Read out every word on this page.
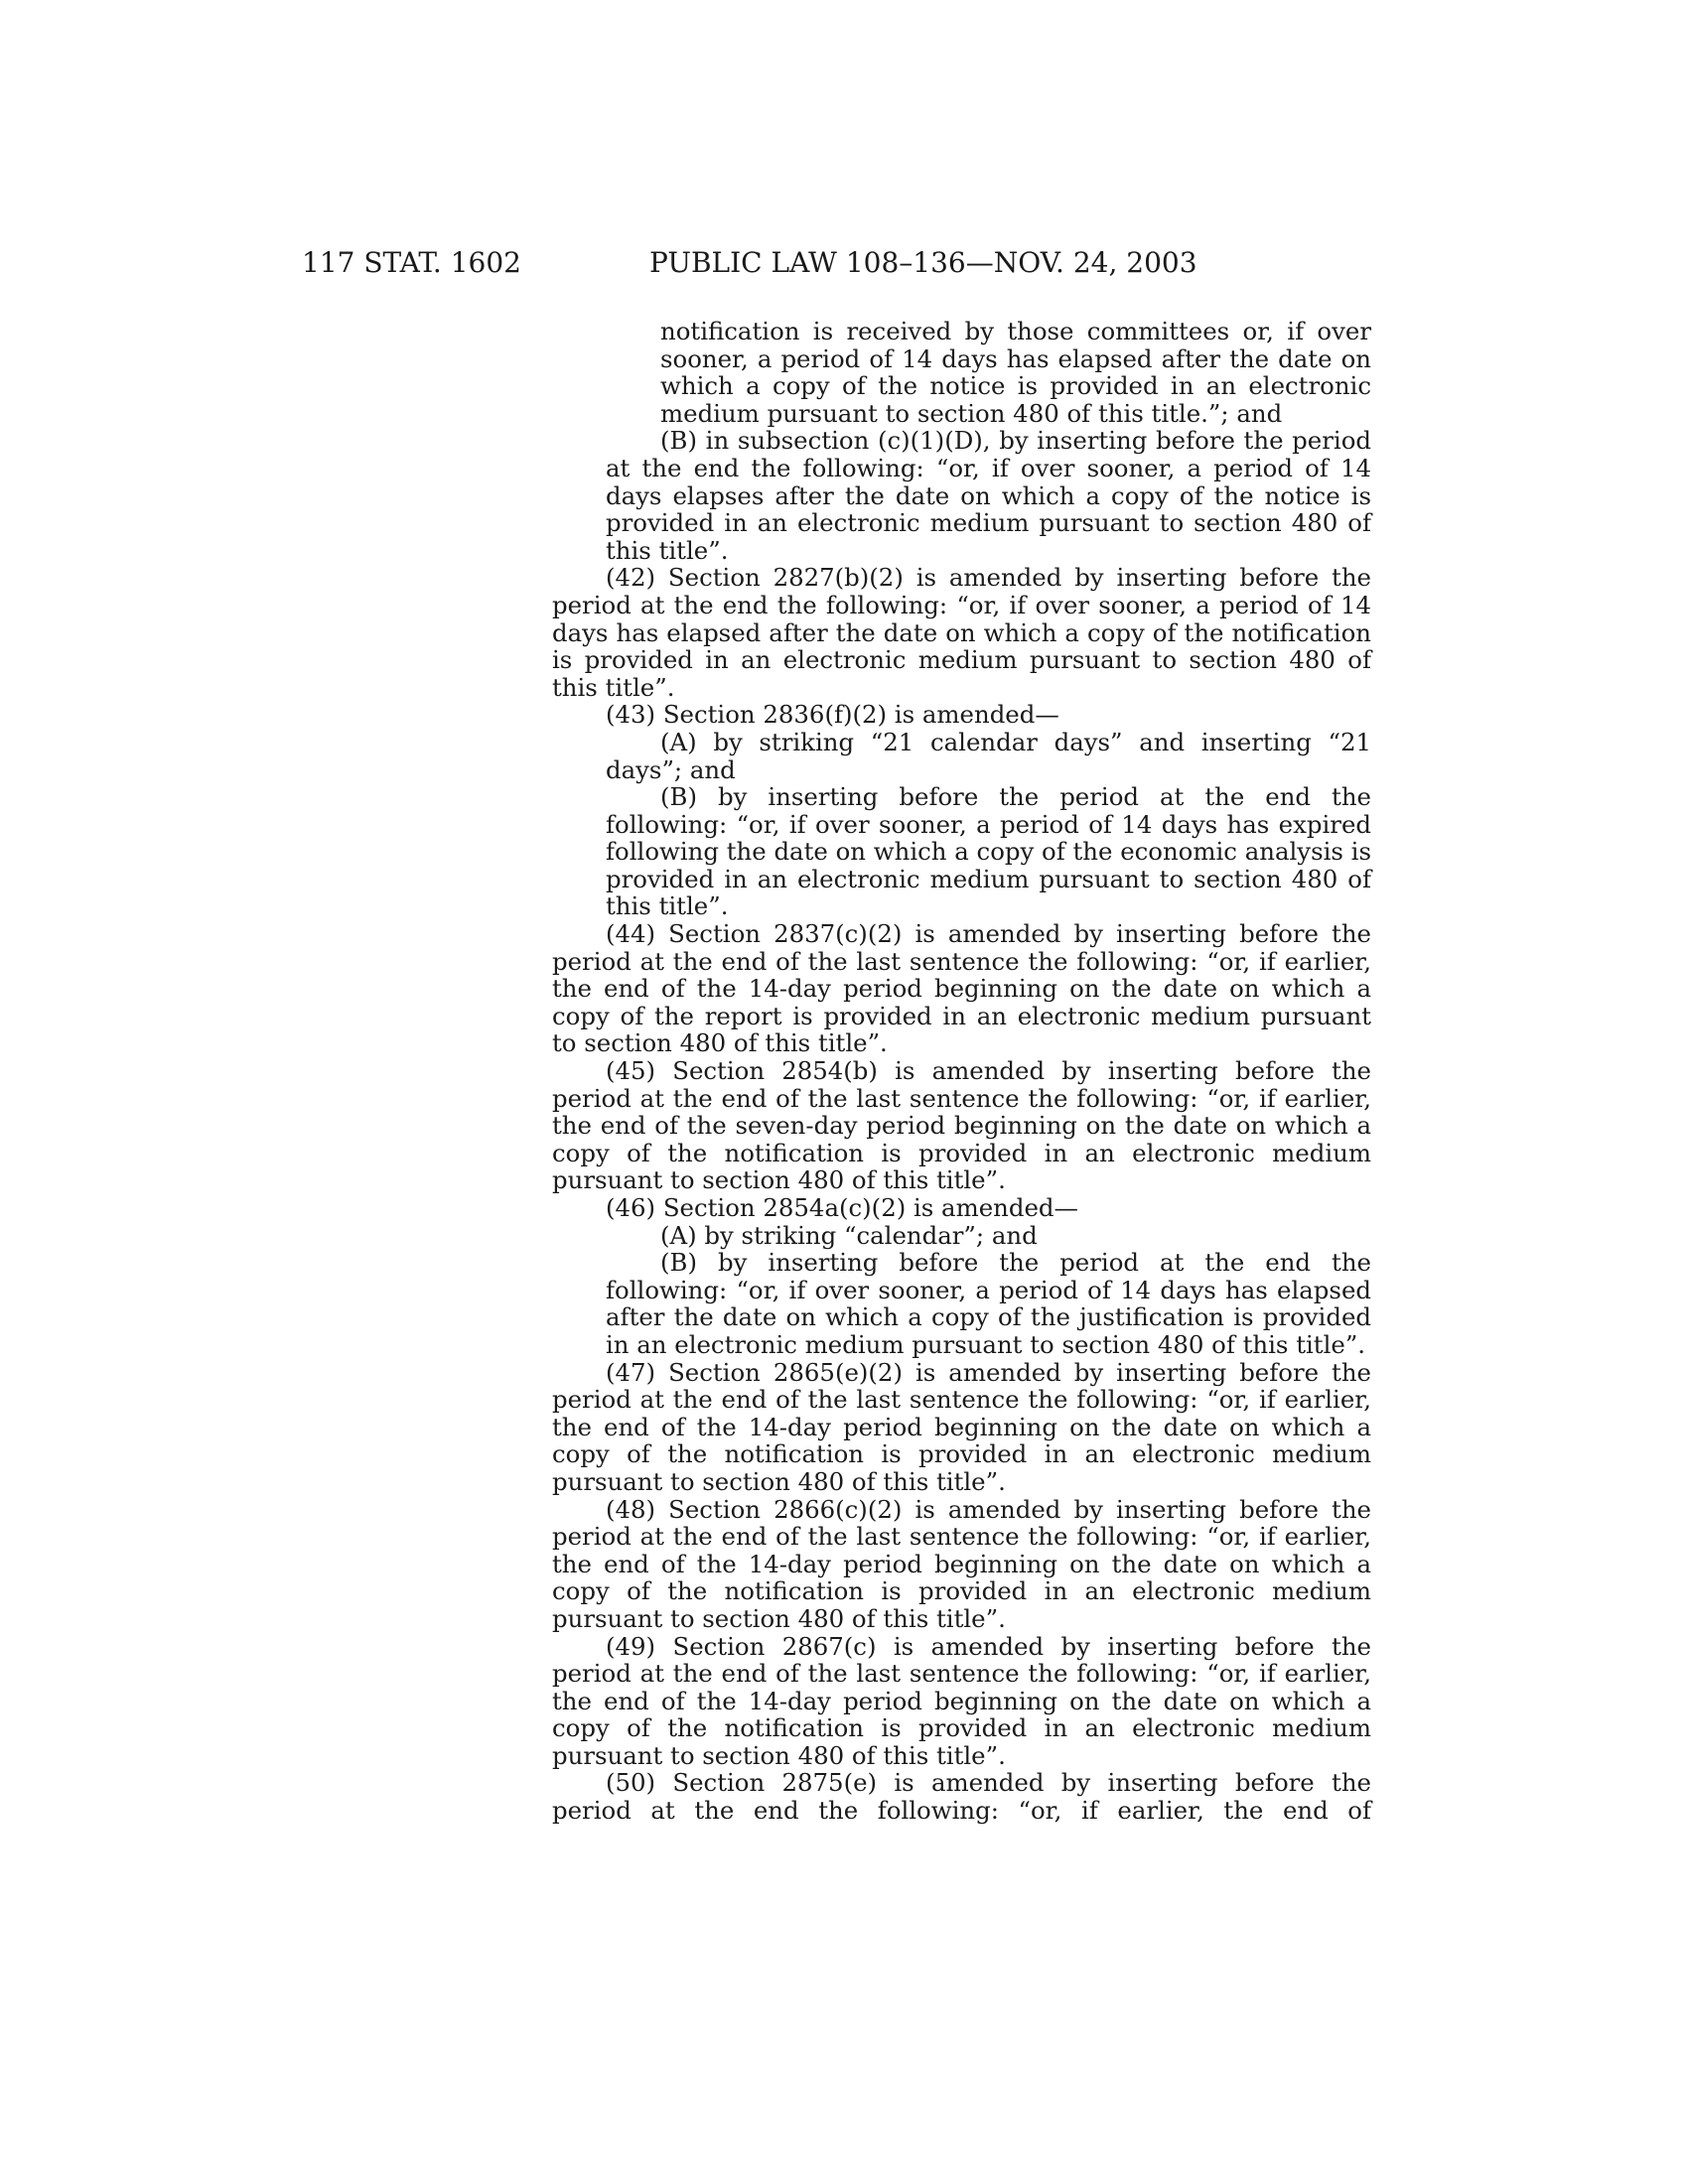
117 STAT. 1602	PUBLIC LAW 108–136—NOV. 24, 2003

notification is received by those committees or, if over sooner, a period of 14 days has elapsed after the date on which a copy of the notice is provided in an electronic medium pursuant to section 480 of this title.”; and

(B) in subsection (c)(1)(D), by inserting before the period at the end the following: “or, if over sooner, a period of 14 days elapses after the date on which a copy of the notice is provided in an electronic medium pursuant to section 480 of this title”.

(42) Section 2827(b)(2) is amended by inserting before the period at the end the following: “or, if over sooner, a period of 14 days has elapsed after the date on which a copy of the notification is provided in an electronic medium pursuant to section 480 of this title”.

(43) Section 2836(f)(2) is amended—

(A) by striking “21 calendar days” and inserting “21 days”; and

(B) by inserting before the period at the end the following: “or, if over sooner, a period of 14 days has expired following the date on which a copy of the economic analysis is provided in an electronic medium pursuant to section 480 of this title”.

(44) Section 2837(c)(2) is amended by inserting before the period at the end of the last sentence the following: “or, if earlier, the end of the 14-day period beginning on the date on which a copy of the report is provided in an electronic medium pursuant to section 480 of this title”.

(45) Section 2854(b) is amended by inserting before the period at the end of the last sentence the following: “or, if earlier, the end of the seven-day period beginning on the date on which a copy of the notification is provided in an electronic medium pursuant to section 480 of this title”.

(46) Section 2854a(c)(2) is amended—

(A) by striking “calendar”; and

(B) by inserting before the period at the end the following: “or, if over sooner, a period of 14 days has elapsed after the date on which a copy of the justification is provided in an electronic medium pursuant to section 480 of this title”.

(47) Section 2865(e)(2) is amended by inserting before the period at the end of the last sentence the following: “or, if earlier, the end of the 14-day period beginning on the date on which a copy of the notification is provided in an electronic medium pursuant to section 480 of this title”.

(48) Section 2866(c)(2) is amended by inserting before the period at the end of the last sentence the following: “or, if earlier, the end of the 14-day period beginning on the date on which a copy of the notification is provided in an electronic medium pursuant to section 480 of this title”.

(49) Section 2867(c) is amended by inserting before the period at the end of the last sentence the following: “or, if earlier, the end of the 14-day period beginning on the date on which a copy of the notification is provided in an electronic medium pursuant to section 480 of this title”.

(50) Section 2875(e) is amended by inserting before the period at the end the following: “or, if earlier, the end of
